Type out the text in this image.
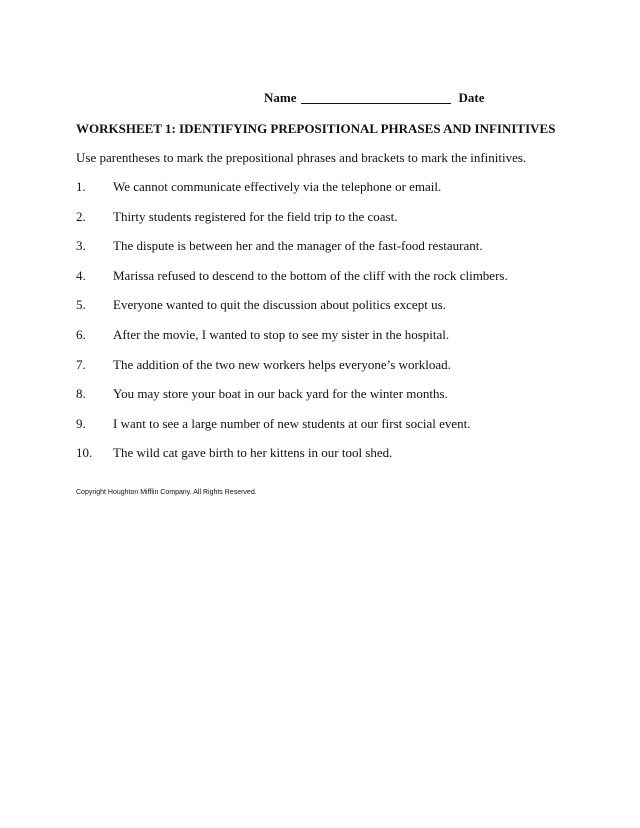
Name	Date
WORKSHEET 1: IDENTIFYING PREPOSITIONAL PHRASES AND INFINITIVES
Use parentheses to mark the prepositional phrases and brackets to mark the infinitives.
1.	We cannot communicate effectively via the telephone or email.
2.	Thirty students registered for the field trip to the coast.
3.	The dispute is between her and the manager of the fast-food restaurant.
4.	Marissa refused to descend to the bottom of the cliff with the rock climbers.
5.	Everyone wanted to quit the discussion about politics except us.
6.	After the movie, I wanted to stop to see my sister in the hospital.
7.	The addition of the two new workers helps everyone’s workload.
8.	You may store your boat in our back yard for the winter months.
9.	I want to see a large number of new students at our first social event.
10.	The wild cat gave birth to her kittens in our tool shed.
Copyright Houghton Mifflin Company. All Rights Reserved.
